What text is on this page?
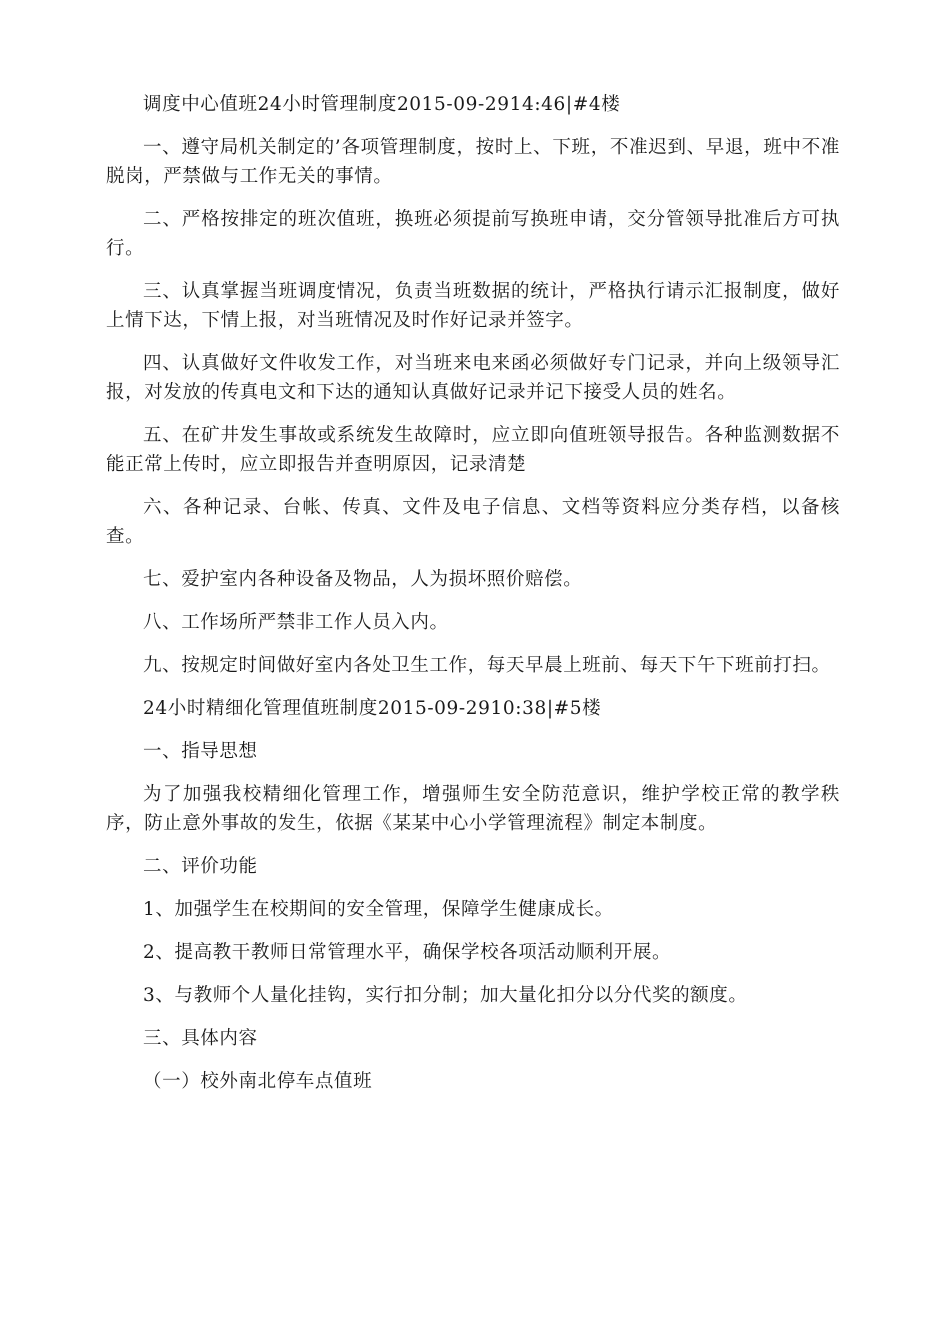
调度中心值班24小时管理制度2015-09-2914:46|#4楼

一、遵守局机关制定的’各项管理制度，按时上、下班，不准迟到、早退，班中不准脱岗，严禁做与工作无关的事情。

二、严格按排定的班次值班，换班必须提前写换班申请，交分管领导批准后方可执行。

三、认真掌握当班调度情况，负责当班数据的统计，严格执行请示汇报制度，做好上情下达，下情上报，对当班情况及时作好记录并签字。

四、认真做好文件收发工作，对当班来电来函必须做好专门记录，并向上级领导汇报，对发放的传真电文和下达的通知认真做好记录并记下接受人员的姓名。

五、在矿井发生事故或系统发生故障时，应立即向值班领导报告。各种监测数据不能正常上传时，应立即报告并查明原因，记录清楚

六、各种记录、台帐、传真、文件及电子信息、文档等资料应分类存档，以备核查。

七、爱护室内各种设备及物品，人为损坏照价赔偿。

八、工作场所严禁非工作人员入内。

九、按规定时间做好室内各处卫生工作，每天早晨上班前、每天下午下班前打扫。

24小时精细化管理值班制度2015-09-2910:38|#5楼

一、指导思想

为了加强我校精细化管理工作，增强师生安全防范意识，维护学校正常的教学秩序，防止意外事故的发生，依据《某某中心小学管理流程》制定本制度。

二、评价功能

1、加强学生在校期间的安全管理，保障学生健康成长。

2、提高教干教师日常管理水平，确保学校各项活动顺利开展。

3、与教师个人量化挂钩，实行扣分制；加大量化扣分以分代奖的额度。

三、具体内容

（一）校外南北停车点值班
